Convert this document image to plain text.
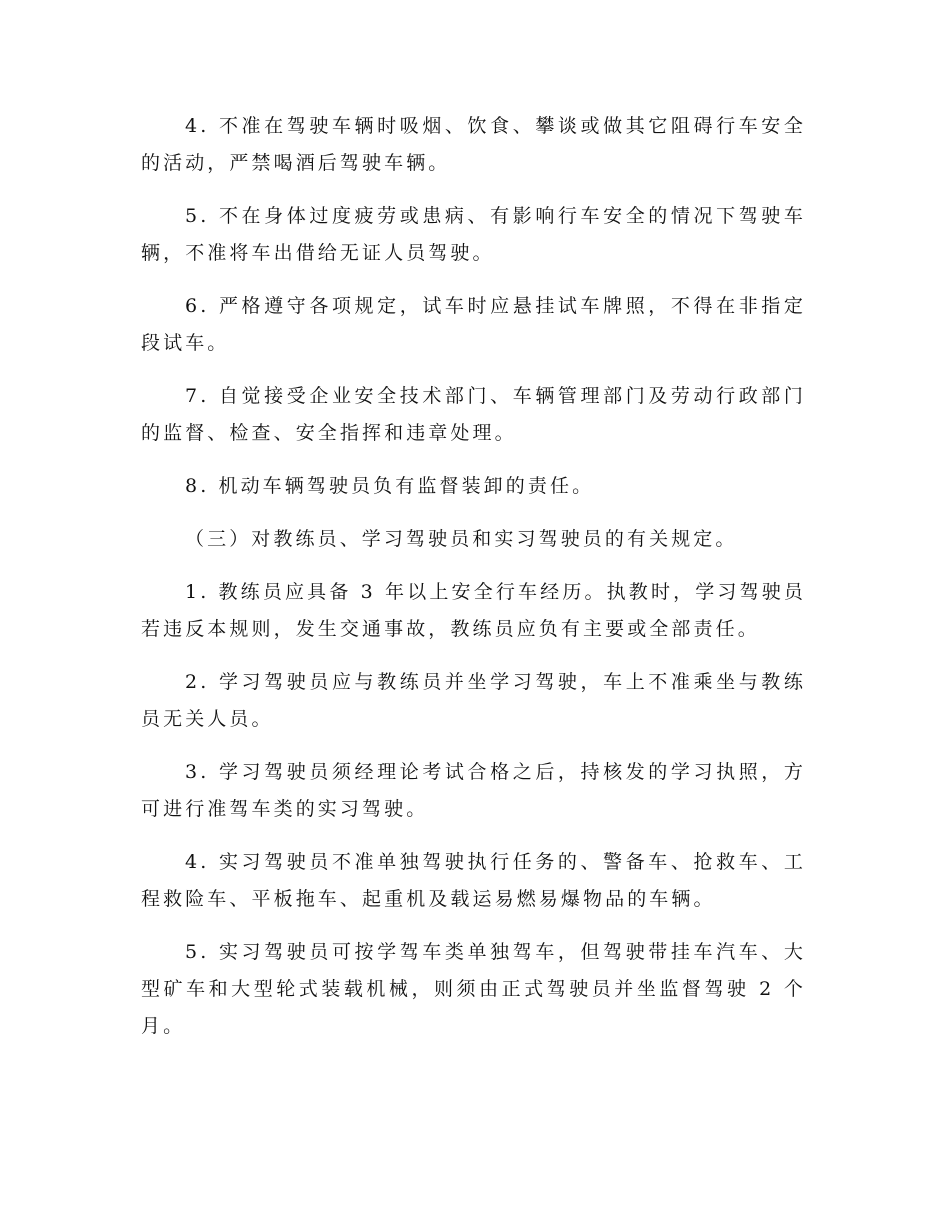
4. 不准在驾驶车辆时吸烟、饮食、攀谈或做其它阻碍行车安全的活动，严禁喝酒后驾驶车辆。

5. 不在身体过度疲劳或患病、有影响行车安全的情况下驾驶车辆，不准将车出借给无证人员驾驶。

6. 严格遵守各项规定，试车时应悬挂试车牌照，不得在非指定段试车。

7. 自觉接受企业安全技术部门、车辆管理部门及劳动行政部门的监督、检查、安全指挥和违章处理。

8. 机动车辆驾驶员负有监督装卸的责任。

（三）对教练员、学习驾驶员和实习驾驶员的有关规定。

1. 教练员应具备 3 年以上安全行车经历。执教时，学习驾驶员若违反本规则，发生交通事故，教练员应负有主要或全部责任。

2. 学习驾驶员应与教练员并坐学习驾驶，车上不准乘坐与教练员无关人员。

3. 学习驾驶员须经理论考试合格之后，持核发的学习执照，方可进行准驾车类的实习驾驶。

4. 实习驾驶员不准单独驾驶执行任务的、警备车、抢救车、工程救险车、平板拖车、起重机及载运易燃易爆物品的车辆。

5. 实习驾驶员可按学驾车类单独驾车，但驾驶带挂车汽车、大型矿车和大型轮式装载机械，则须由正式驾驶员并坐监督驾驶 2 个月。
